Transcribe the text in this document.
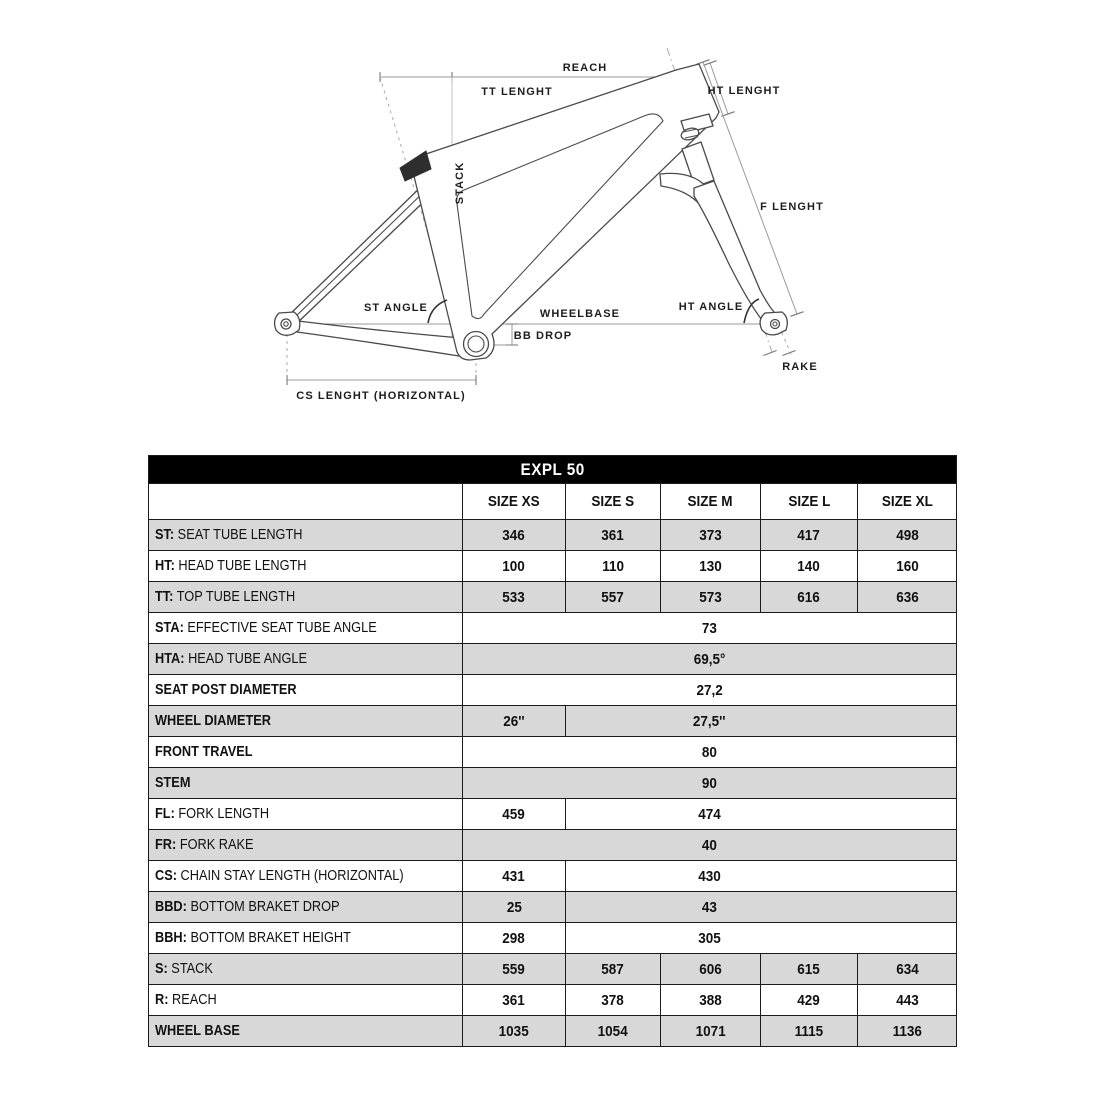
REACH
TT LENGHT	HT LENGHT
STACK
F LENGHT
ST ANGLE	WHEELBASE
BB DROP
HT ANGLE
RAKE
CS LENGHT (HORIZONTAL)
EXPL 50					
	SIZE XS	SIZE S	SIZE M	SIZE L	SIZE XL
ST: SEAT TUBE LENGTH	346	361	373	417	498
HT: HEAD TUBE LENGTH	100	110	130	140	160
TT: TOP TUBE LENGTH	533	557	573	616	636
STA: EFFECTIVE SEAT TUBE ANGLE	73				
HTA: HEAD TUBE ANGLE	69,5°				
SEAT POST DIAMETER	27,2				
WHEEL DIAMETER	26''	27,5''			
FRONT TRAVEL	80				
STEM	90				
FL: FORK LENGTH	459	474			
FR: FORK RAKE	40				
CS: CHAIN STAY LENGTH (HORIZONTAL)	431	430			
BBD: BOTTOM BRAKET DROP	25	43			
BBH: BOTTOM BRAKET HEIGHT	298	305			
S: STACK	559	587	606	615	634
R: REACH	361	378	388	429	443
WHEEL BASE	1035	1054	1071	1115	1136
